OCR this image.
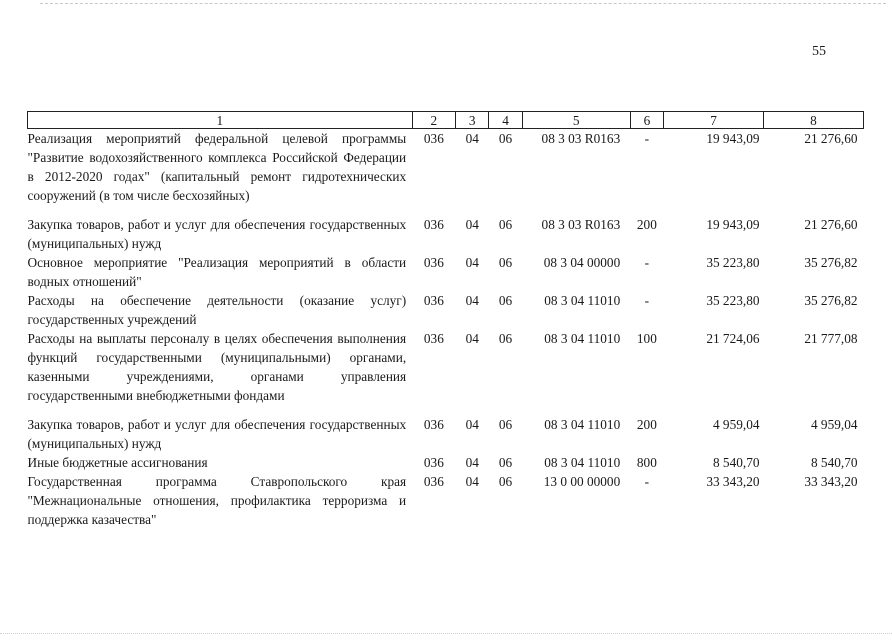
55
1	2	3	4	5	6	7	8
Реализация мероприятий федеральной целевой программы "Развитие водохозяйственного комплекса Российской Федерации в 2012-2020 годах" (капитальный ремонт гидротехнических сооружений (в том числе бесхозяйных)	036	04	06	08 3 03 R0163	-	19 943,09	21 276,60

Закупка товаров, работ и услуг для обеспечения государственных (муниципальных) нужд	036	04	06	08 3 03 R0163	200	19 943,09	21 276,60
Основное мероприятие "Реализация мероприятий в области водных отношений"	036	04	06	08 3 04 00000	-	35 223,80	35 276,82
Расходы на обеспечение деятельности (оказание услуг) государственных учреждений	036	04	06	08 3 04 11010	-	35 223,80	35 276,82
Расходы на выплаты персоналу в целях обеспечения выполнения функций государственными (муниципальными) органами, казенными учреждениями, органами управления государственными внебюджетными фондами	036	04	06	08 3 04 11010	100	21 724,06	21 777,08

Закупка товаров, работ и услуг для обеспечения государственных (муниципальных) нужд	036	04	06	08 3 04 11010	200	4 959,04	4 959,04
Иные бюджетные ассигнования	036	04	06	08 3 04 11010	800	8 540,70	8 540,70
Государственная программа Ставропольского края "Межнациональные отношения, профилактика терроризма и поддержка казачества"	036	04	06	13 0 00 00000	-	33 343,20	33 343,20
